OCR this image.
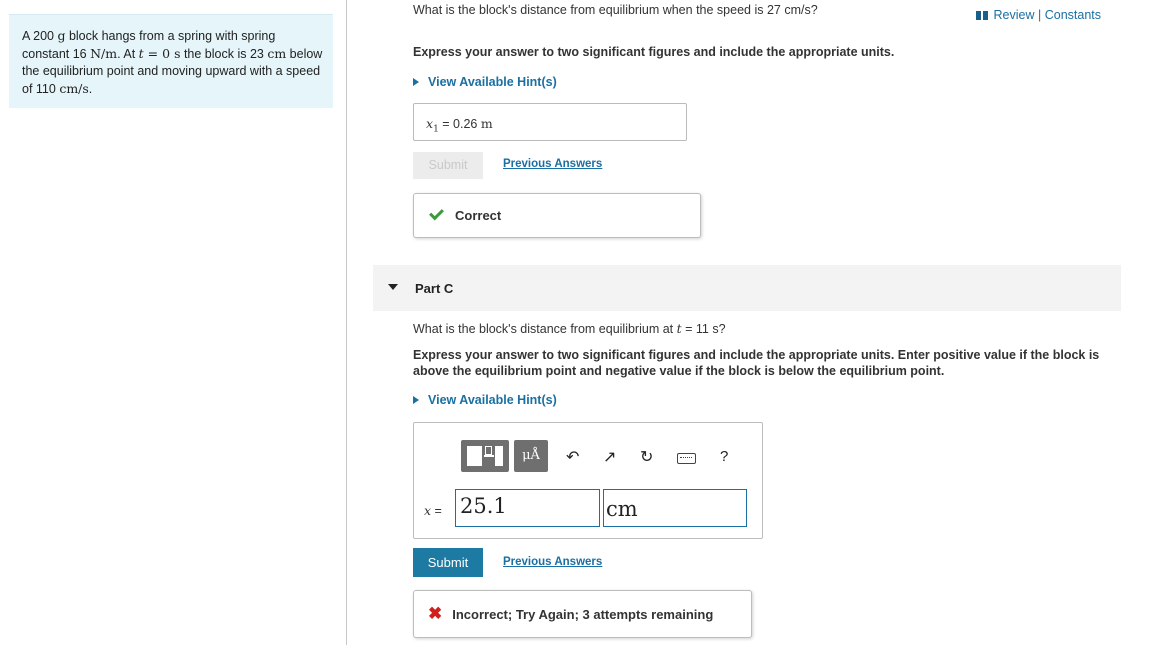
A 200 g block hangs from a spring with spring constant 16 N/m. At t = 0 s the block is 23 cm below the equilibrium point and moving upward with a speed of 110 cm/s.
Review | Constants
What is the block's distance from equilibrium when the speed is 27 cm/s?
Express your answer to two significant figures and include the appropriate units.
View Available Hint(s)
$x_1 = 0.26$ m
Submit	Previous Answers
Correct
Part C
What is the block's distance from equilibrium at t = 11 s?
Express your answer to two significant figures and include the appropriate units. Enter positive value if the block is above the equilibrium point and negative value if the block is below the equilibrium point.
View Available Hint(s)
μÅ	↶ ↗ ↻	?
x = 25.1	cm
Submit	Previous Answers
✖ Incorrect; Try Again; 3 attempts remaining
